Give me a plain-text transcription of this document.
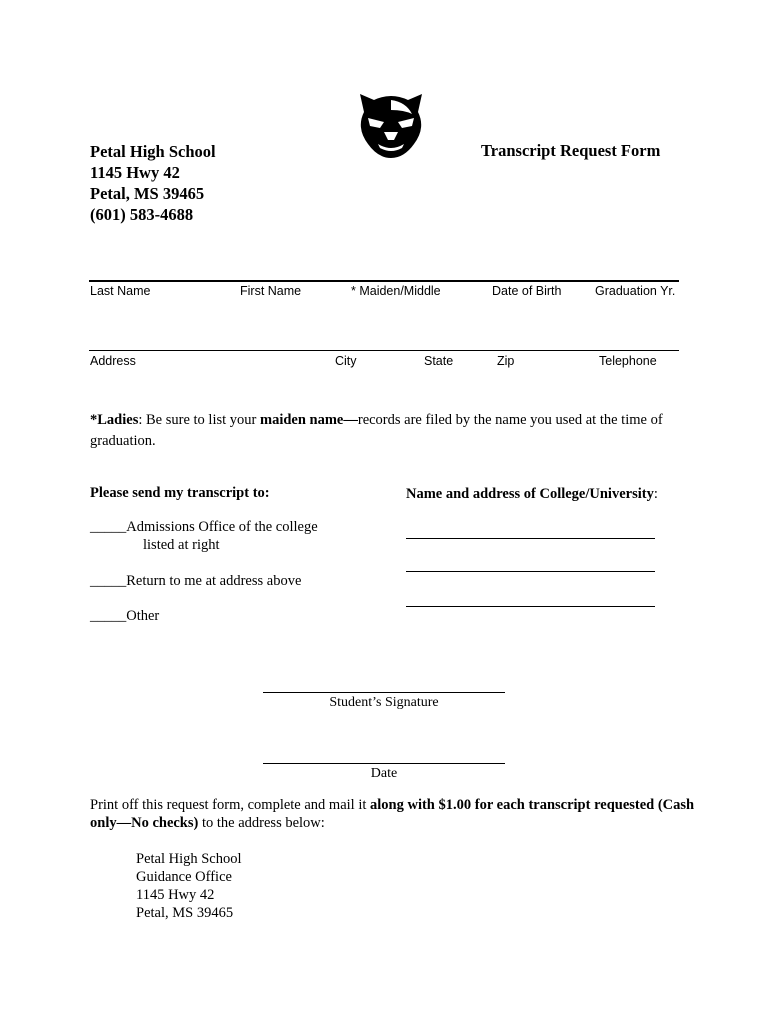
Petal High School
1145 Hwy 42
Petal, MS 39465
(601) 583-4688
Transcript Request Form
Last Name	First Name	* Maiden/Middle	Date of Birth	Graduation Yr.
Address	City	State	Zip	Telephone
*Ladies: Be sure to list your maiden name—records are filed by the name you used at the time of graduation.
Please send my transcript to:
_____Admissions Office of the college
listed at right
_____Return to me at address above
_____Other
Name and address of College/University:
Student’s Signature
Date
Print off this request form, complete and mail it along with $1.00 for each transcript requested (Cash only—No checks) to the address below:
Petal High School
Guidance Office
1145 Hwy 42
Petal, MS 39465
